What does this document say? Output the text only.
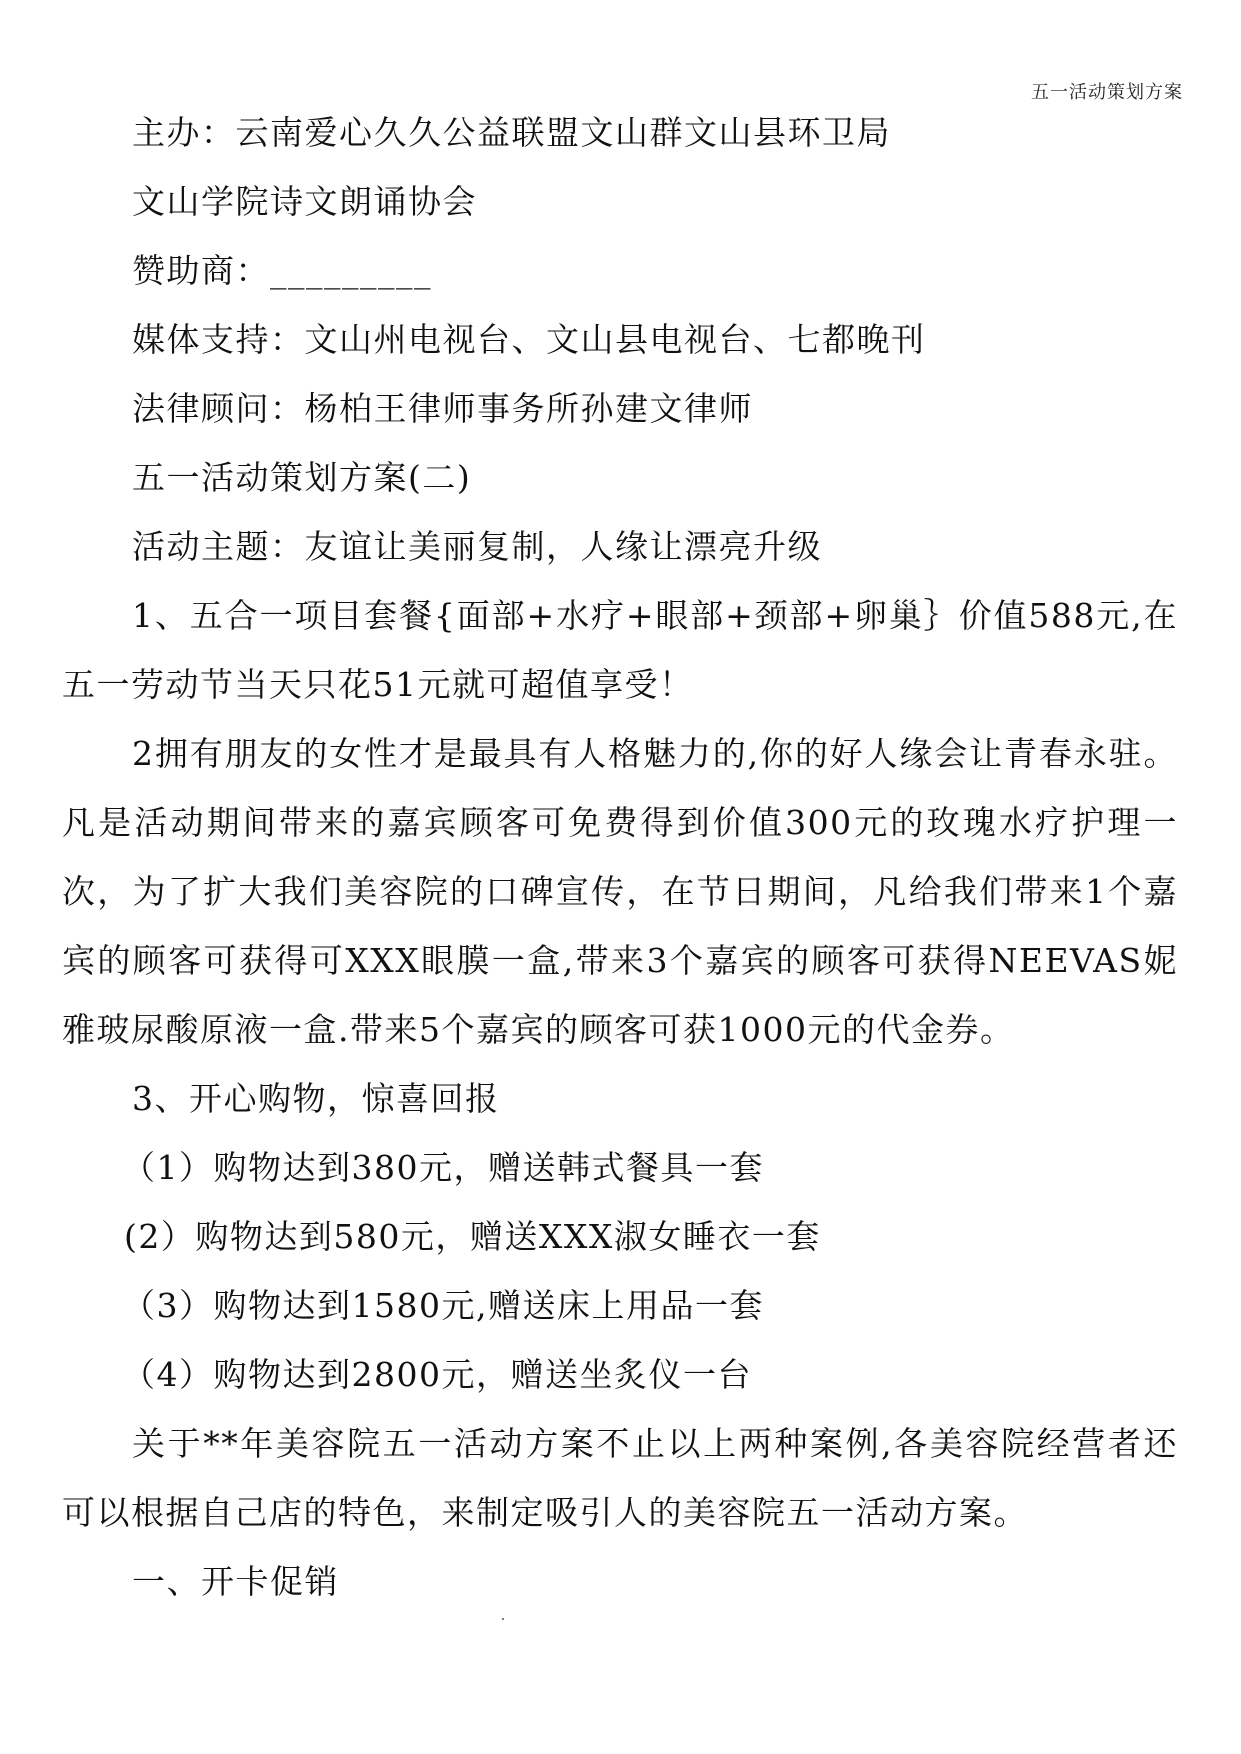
五一活动策划方案

主办：云南爱心久久公益联盟文山群文山县环卫局

文山学院诗文朗诵协会

赞助商：_________

媒体支持：文山州电视台、文山县电视台、七都晚刊

法律顾问：杨柏王律师事务所孙建文律师

五一活动策划方案(二)

活动主题：友谊让美丽复制，人缘让漂亮升级

1、五合一项目套餐{面部+水疗+眼部+颈部+卵巢｝价值588元,在五一劳动节当天只花51元就可超值享受！

2拥有朋友的女性才是最具有人格魅力的,你的好人缘会让青春永驻。凡是活动期间带来的嘉宾顾客可免费得到价值300元的玫瑰水疗护理一次，为了扩大我们美容院的口碑宣传，在节日期间，凡给我们带来1个嘉宾的顾客可获得可XXX眼膜一盒,带来3个嘉宾的顾客可获得NEEVAS妮雅玻尿酸原液一盒.带来5个嘉宾的顾客可获1000元的代金券。

3、开心购物，惊喜回报

（1）购物达到380元，赠送韩式餐具一套

(2）购物达到580元，赠送XXX淑女睡衣一套

（3）购物达到1580元,赠送床上用品一套

（4）购物达到2800元，赠送坐炙仪一台

关于**年美容院五一活动方案不止以上两种案例,各美容院经营者还可以根据自己店的特色，来制定吸引人的美容院五一活动方案。

一、开卡促销
